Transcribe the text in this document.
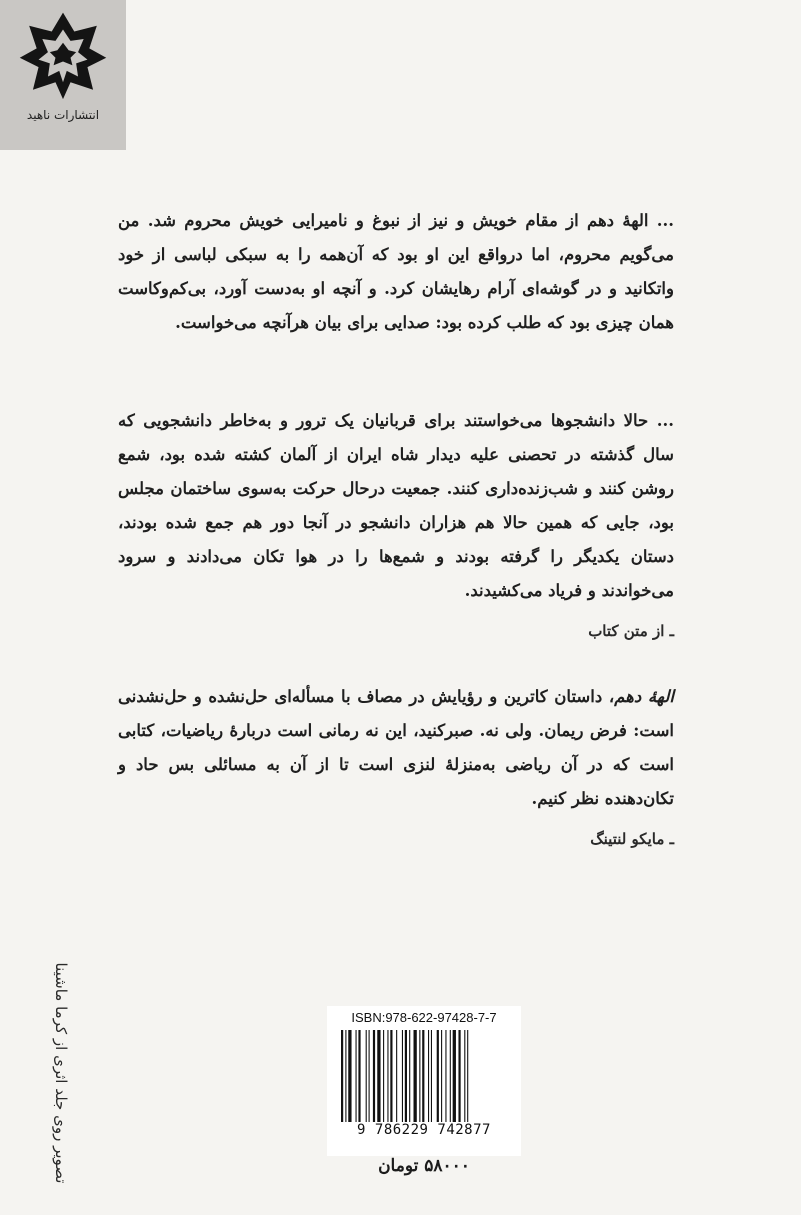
انتشارات ناهید
... الههٔ دهم از مقام خویش و نیز از نبوغ و نامیرایی خویش محروم شد. من می‌گویم محروم، اما درواقع این او بود که آن‌همه را به سبکی لباسی از خود واتکانید و در گوشه‌ای آرام رهایشان کرد. و آنچه او به‌دست آورد، بی‌کم‌وکاست همان چیزی بود که طلب کرده بود: صدایی برای بیان هرآنچه می‌خواست.
... حالا دانشجوها می‌خواستند برای قربانیان یک ترور و به‌خاطر دانشجویی که سال گذشته در تحصنی علیه دیدار شاه ایران از آلمان کشته شده بود، شمع روشن کنند و شب‌زنده‌داری کنند. جمعیت درحال حرکت به‌سوی ساختمان مجلس بود، جایی که همین حالا هم هزاران دانشجو در آنجا دور هم جمع شده بودند، دستان یکدیگر را گرفته بودند و شمع‌ها را در هوا تکان می‌دادند و سرود می‌خواندند و فریاد می‌کشیدند.
ـ از متن کتاب
الههٔ دهم، داستان کاترین و رؤیایش در مصاف با مسأله‌ای حل‌نشده و حل‌نشدنی است: فرض ریمان. ولی نه. صبرکنید، این نه رمانی است دربارهٔ ریاضیات، کتابی است که در آن ریاضی به‌منزلهٔ لنزی است تا از آن به مسائلی بس حاد و تکان‌دهنده نظر کنیم.
ـ مایکو لنتینگ
تصویر روی جلد اثری از کرما ماشینا	ISBN:978-622-97428-7-7
9 786229 742877
۵۸۰۰۰ تومان
